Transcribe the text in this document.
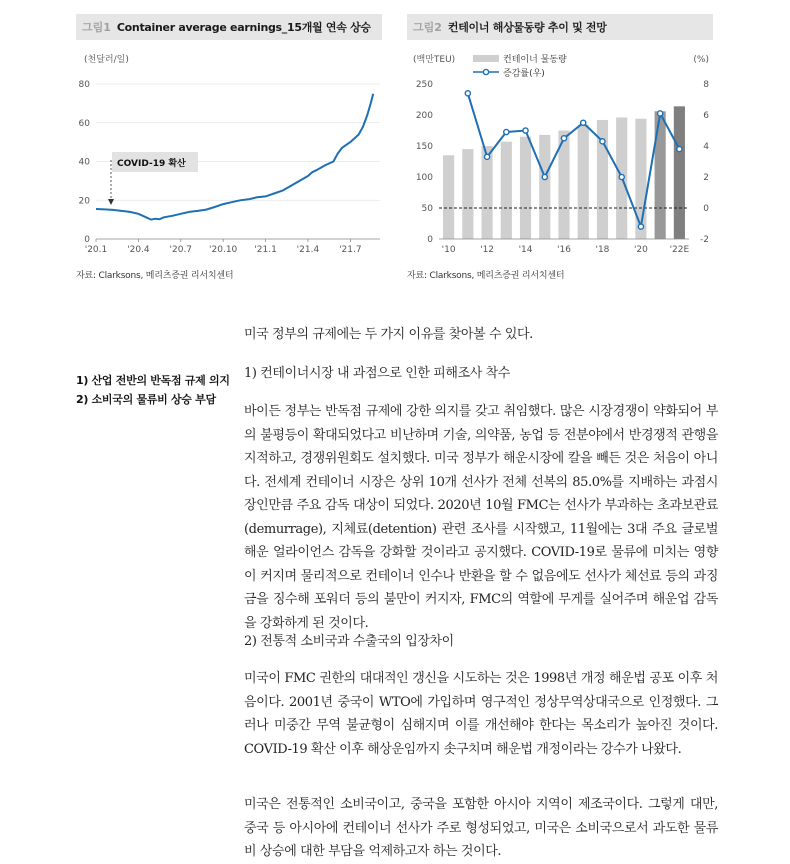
그림1 Container average earnings_15개월 연속 상승	그림2 컨테이너 해상물동량 추이 및 전망
(천달러/일)
0
20
40
60
80
'20.1 '20.4 '20.7 '20.10 '21.1 '21.4 '21.7
COVID-19 확산
(백만TEU)	(%)
컨테이너 물동량
증감률(우)
0
50
100
150
200
250
-2
0
2
4
6
8
'10	'12	'14	'16	'18	'20 '22E
자료: Clarksons, 메리츠증권 리서치센터	자료: Clarksons, 메리츠증권 리서치센터
1) 산업 전반의 반독점 규제 의지
2) 소비국의 물류비 상승 부담

미국 정부의 규제에는 두 가지 이유를 찾아볼 수 있다.

1) 컨테이너시장 내 과점으로 인한 피해조사 착수

바이든 정부는 반독점 규제에 강한 의지를 갖고 취임했다. 많은 시장경쟁이 약화되어 부의 불평등이 확대되었다고 비난하며 기술, 의약품, 농업 등 전분야에서 반경쟁적 관행을 지적하고, 경쟁위원회도 설치했다. 미국 정부가 해운시장에 칼을 빼든 것은 처음이 아니다. 전세계 컨테이너 시장은 상위 10개 선사가 전체 선복의 85.0%를 지배하는 과점시장인만큼 주요 감독 대상이 되었다. 2020년 10월 FMC는 선사가 부과하는 초과보관료(demurrage), 지체료(detention) 관련 조사를 시작했고, 11월에는 3대 주요 글로벌 해운 얼라이언스 감독을 강화할 것이라고 공지했다. COVID-19로 물류에 미치는 영향이 커지며 물리적으로 컨테이너 인수나 반환을 할 수 없음에도 선사가 체선료 등의 과징금을 징수해 포워더 등의 불만이 커지자, FMC의 역할에 무게를 실어주며 해운업 감독을 강화하게 된 것이다.

2) 전통적 소비국과 수출국의 입장차이

미국이 FMC 권한의 대대적인 갱신을 시도하는 것은 1998년 개정 해운법 공포 이후 처음이다. 2001년 중국이 WTO에 가입하며 영구적인 정상무역상대국으로 인정했다. 그러나 미중간 무역 불균형이 심해지며 이를 개선해야 한다는 목소리가 높아진 것이다. COVID-19 확산 이후 해상운임까지 솟구치며 해운법 개정이라는 강수가 나왔다.

미국은 전통적인 소비국이고, 중국을 포함한 아시아 지역이 제조국이다. 그렇게 대만, 중국 등 아시아에 컨테이너 선사가 주로 형성되었고, 미국은 소비국으로서 과도한 물류비 상승에 대한 부담을 억제하고자 하는 것이다.
